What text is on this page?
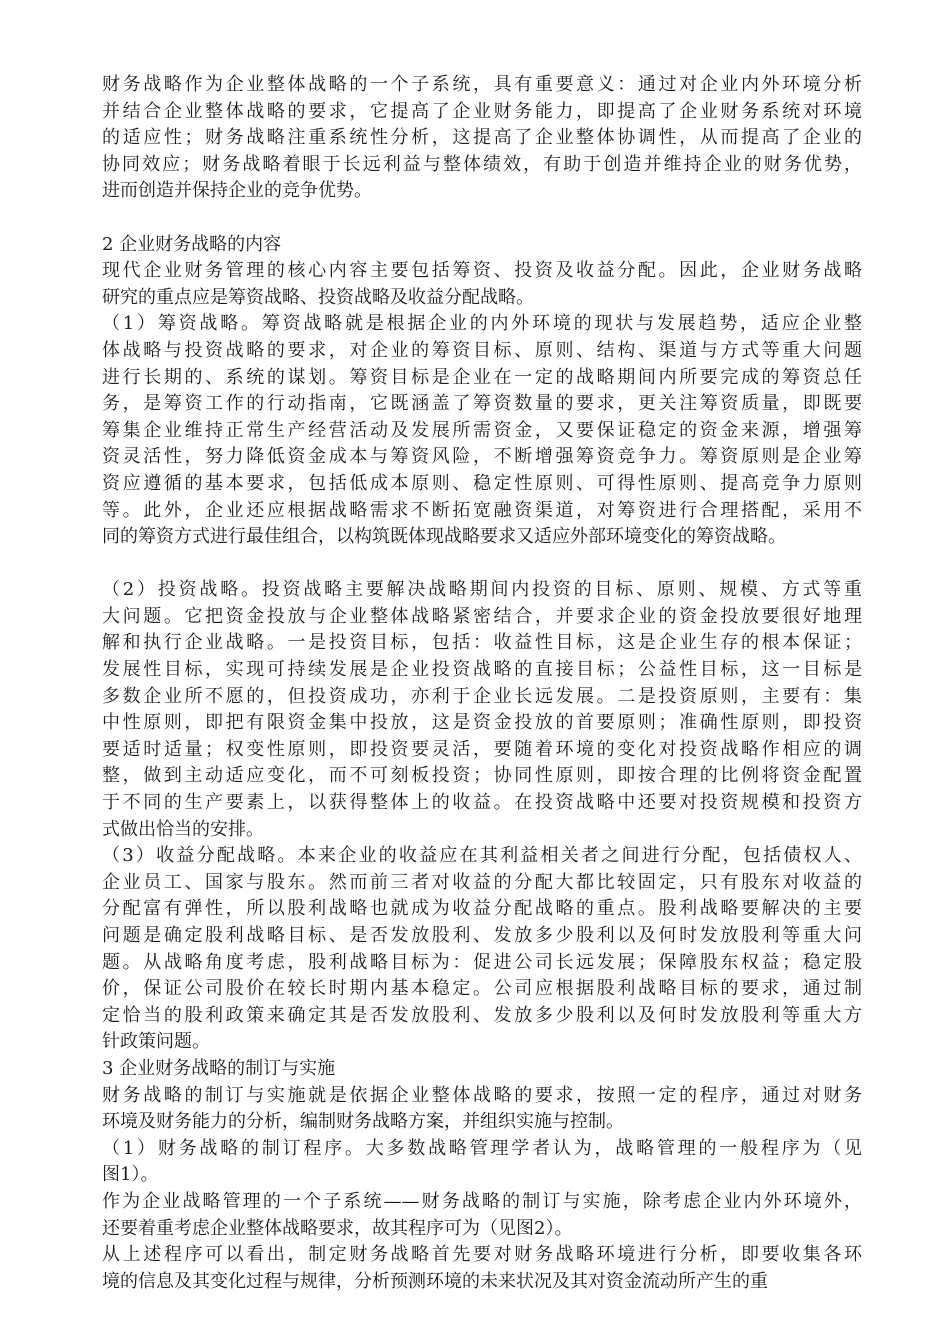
财务战略作为企业整体战略的一个子系统，具有重要意义：通过对企业内外环境分析
并结合企业整体战略的要求，它提高了企业财务能力，即提高了企业财务系统对环境
的适应性；财务战略注重系统性分析，这提高了企业整体协调性，从而提高了企业的
协同效应；财务战略着眼于长远利益与整体绩效，有助于创造并维持企业的财务优势，
进而创造并保持企业的竞争优势。
2 企业财务战略的内容
现代企业财务管理的核心内容主要包括筹资、投资及收益分配。因此，企业财务战略
研究的重点应是筹资战略、投资战略及收益分配战略。
（1）筹资战略。筹资战略就是根据企业的内外环境的现状与发展趋势，适应企业整
体战略与投资战略的要求，对企业的筹资目标、原则、结构、渠道与方式等重大问题
进行长期的、系统的谋划。筹资目标是企业在一定的战略期间内所要完成的筹资总任
务，是筹资工作的行动指南，它既涵盖了筹资数量的要求，更关注筹资质量，即既要
筹集企业维持正常生产经营活动及发展所需资金，又要保证稳定的资金来源，增强筹
资灵活性，努力降低资金成本与筹资风险，不断增强筹资竞争力。筹资原则是企业筹
资应遵循的基本要求，包括低成本原则、稳定性原则、可得性原则、提高竞争力原则
等。此外，企业还应根据战略需求不断拓宽融资渠道，对筹资进行合理搭配，采用不
同的筹资方式进行最佳组合，以构筑既体现战略要求又适应外部环境变化的筹资战略。
（2）投资战略。投资战略主要解决战略期间内投资的目标、原则、规模、方式等重
大问题。它把资金投放与企业整体战略紧密结合，并要求企业的资金投放要很好地理
解和执行企业战略。一是投资目标，包括：收益性目标，这是企业生存的根本保证；
发展性目标，实现可持续发展是企业投资战略的直接目标；公益性目标，这一目标是
多数企业所不愿的，但投资成功，亦利于企业长远发展。二是投资原则，主要有：集
中性原则，即把有限资金集中投放，这是资金投放的首要原则；准确性原则，即投资
要适时适量；权变性原则，即投资要灵活，要随着环境的变化对投资战略作相应的调
整，做到主动适应变化，而不可刻板投资；协同性原则，即按合理的比例将资金配置
于不同的生产要素上，以获得整体上的收益。在投资战略中还要对投资规模和投资方
式做出恰当的安排。
（3）收益分配战略。本来企业的收益应在其利益相关者之间进行分配，包括债权人、
企业员工、国家与股东。然而前三者对收益的分配大都比较固定，只有股东对收益的
分配富有弹性，所以股利战略也就成为收益分配战略的重点。股利战略要解决的主要
问题是确定股利战略目标、是否发放股利、发放多少股利以及何时发放股利等重大问
题。从战略角度考虑，股利战略目标为：促进公司长远发展；保障股东权益；稳定股
价，保证公司股价在较长时期内基本稳定。公司应根据股利战略目标的要求，通过制
定恰当的股利政策来确定其是否发放股利、发放多少股利以及何时发放股利等重大方
针政策问题。
3 企业财务战略的制订与实施
财务战略的制订与实施就是依据企业整体战略的要求，按照一定的程序，通过对财务
环境及财务能力的分析，编制财务战略方案，并组织实施与控制。
（1）财务战略的制订程序。大多数战略管理学者认为，战略管理的一般程序为（见
图1）。
作为企业战略管理的一个子系统——财务战略的制订与实施，除考虑企业内外环境外，
还要着重考虑企业整体战略要求，故其程序可为（见图2）。
从上述程序可以看出，制定财务战略首先要对财务战略环境进行分析，即要收集各环
境的信息及其变化过程与规律，分析预测环境的未来状况及其对资金流动所产生的重
